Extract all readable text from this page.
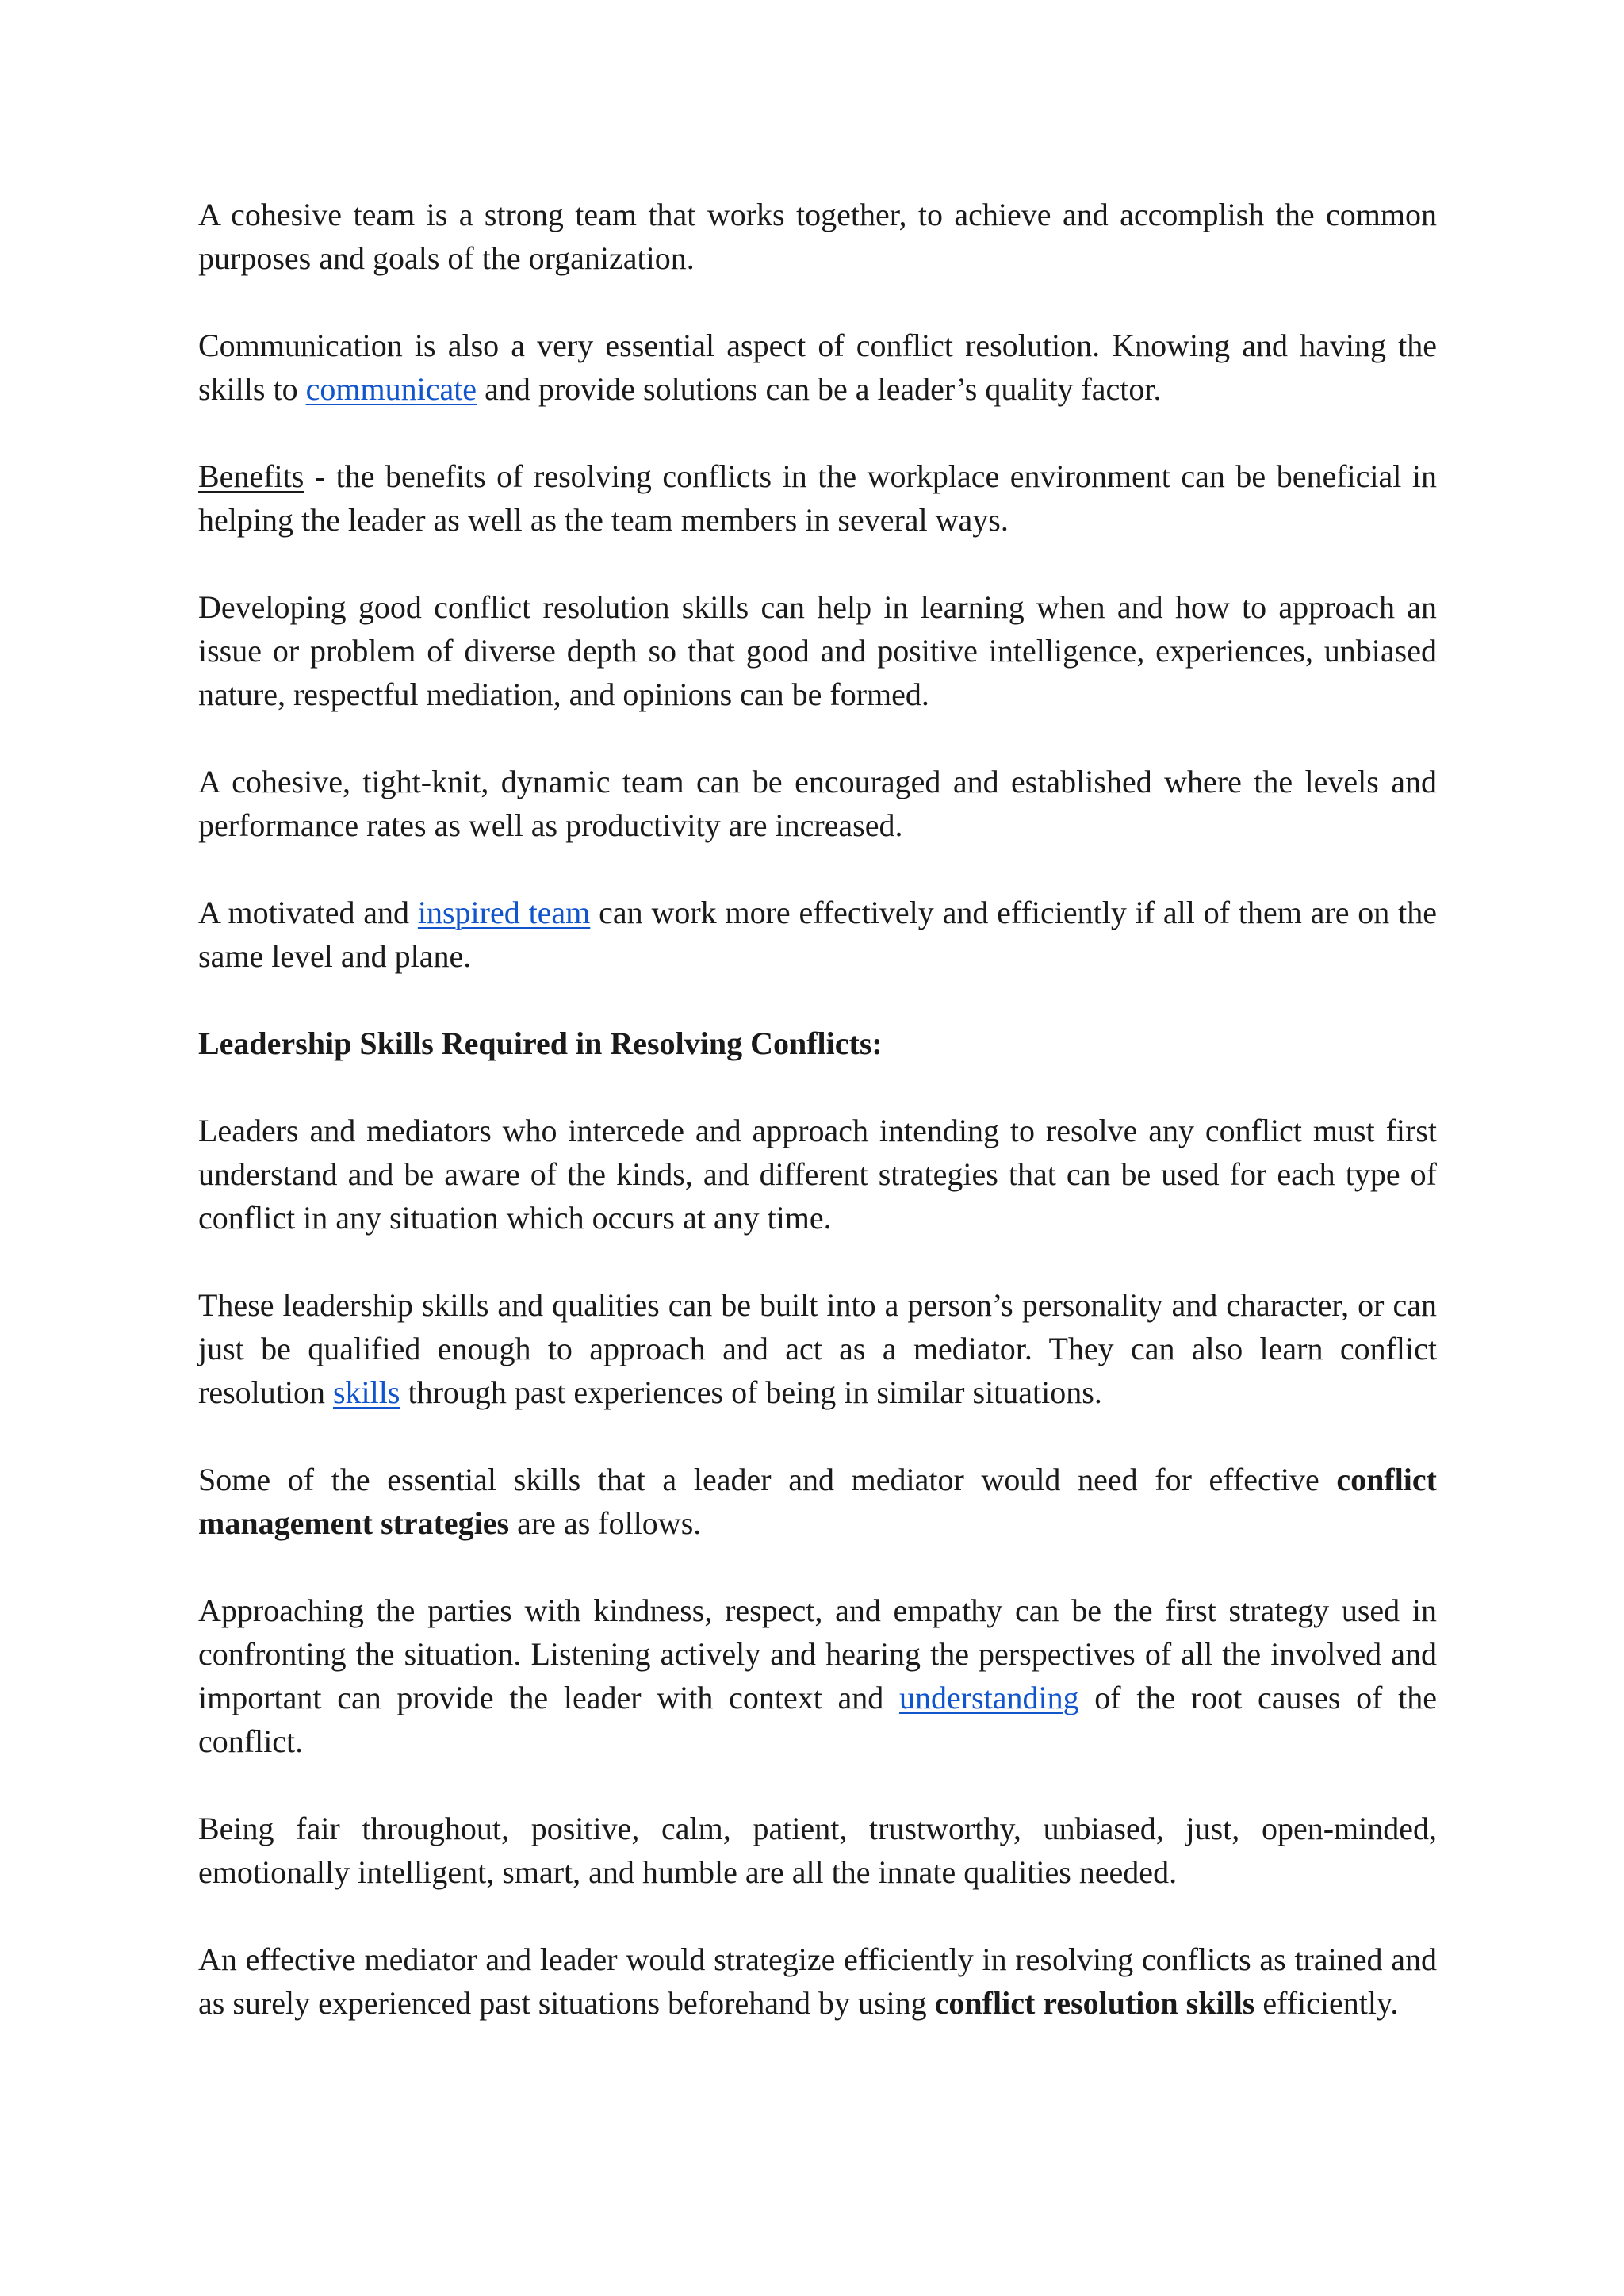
A cohesive team is a strong team that works together, to achieve and accomplish the common purposes and goals of the organization.

Communication is also a very essential aspect of conflict resolution. Knowing and having the skills to communicate and provide solutions can be a leader’s quality factor.

Benefits - the benefits of resolving conflicts in the workplace environment can be beneficial in helping the leader as well as the team members in several ways.

Developing good conflict resolution skills can help in learning when and how to approach an issue or problem of diverse depth so that good and positive intelligence, experiences, unbiased nature, respectful mediation, and opinions can be formed.

A cohesive, tight-knit, dynamic team can be encouraged and established where the levels and performance rates as well as productivity are increased.

A motivated and inspired team can work more effectively and efficiently if all of them are on the same level and plane.

Leadership Skills Required in Resolving Conflicts:

Leaders and mediators who intercede and approach intending to resolve any conflict must first understand and be aware of the kinds, and different strategies that can be used for each type of conflict in any situation which occurs at any time.

These leadership skills and qualities can be built into a person’s personality and character, or can just be qualified enough to approach and act as a mediator. They can also learn conflict resolution skills through past experiences of being in similar situations.

Some of the essential skills that a leader and mediator would need for effective conflict management strategies are as follows.

Approaching the parties with kindness, respect, and empathy can be the first strategy used in confronting the situation. Listening actively and hearing the perspectives of all the involved and important can provide the leader with context and understanding of the root causes of the conflict.

Being fair throughout, positive, calm, patient, trustworthy, unbiased, just, open-minded, emotionally intelligent, smart, and humble are all the innate qualities needed.

An effective mediator and leader would strategize efficiently in resolving conflicts as trained and as surely experienced past situations beforehand by using conflict resolution skills efficiently.
